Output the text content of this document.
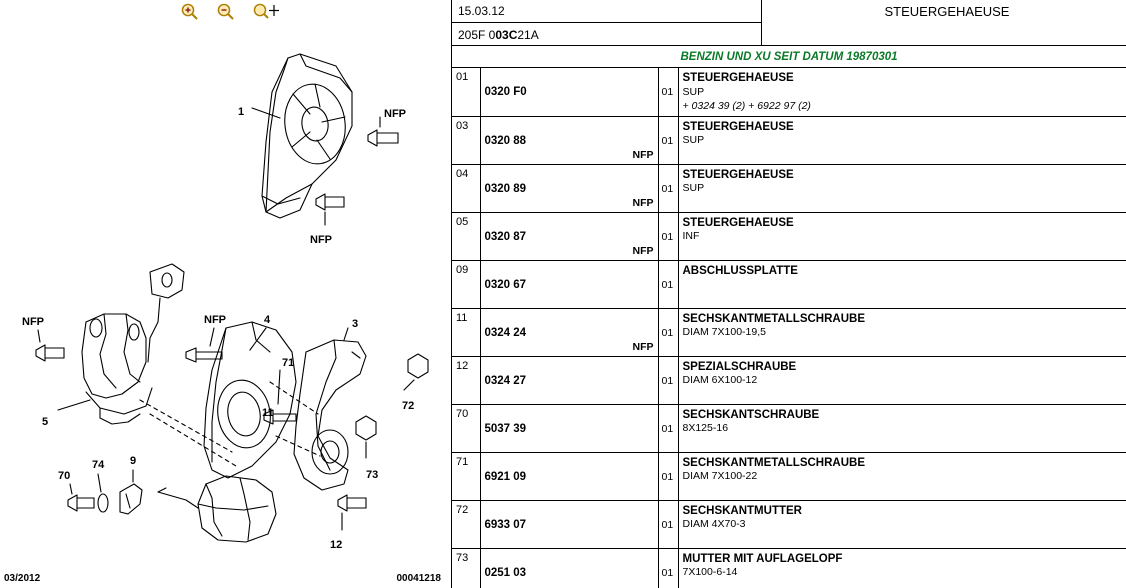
1	NFP
NFP
NFP	NFP	4	3
71
72
5
11
73
70
74 9
12
03/2012	00041218
15.03.12	STEUERGEHAEUSE
205F 0 03C 21A
BENZIN UND XU SEIT DATUM 19870301
01	0320 F0	01	STEUERGEHAEUSE
SUP
+ 0324 39 (2) + 6922 97 (2)

03	0320 88
NFP	01	STEUERGEHAEUSE
SUP

04	0320 89
NFP	01	STEUERGEHAEUSE
SUP

05	0320 87
NFP	01	STEUERGEHAEUSE
INF

09	0320 67	01	ABSCHLUSSPLATTE

11	0324 24
NFP	01	SECHSKANTMETALLSCHRAUBE
DIAM 7X100-19,5

12	0324 27	01	SPEZIALSCHRAUBE
DIAM 6X100-12

70	5037 39	01	SECHSKANTSCHRAUBE
8X125-16

71	6921 09	01	SECHSKANTMETALLSCHRAUBE
DIAM 7X100-22

72	6933 07	01	SECHSKANTMUTTER
DIAM 4X70-3

73	0251 03	01	MUTTER MIT AUFLAGELOPF
7X100-6-14
